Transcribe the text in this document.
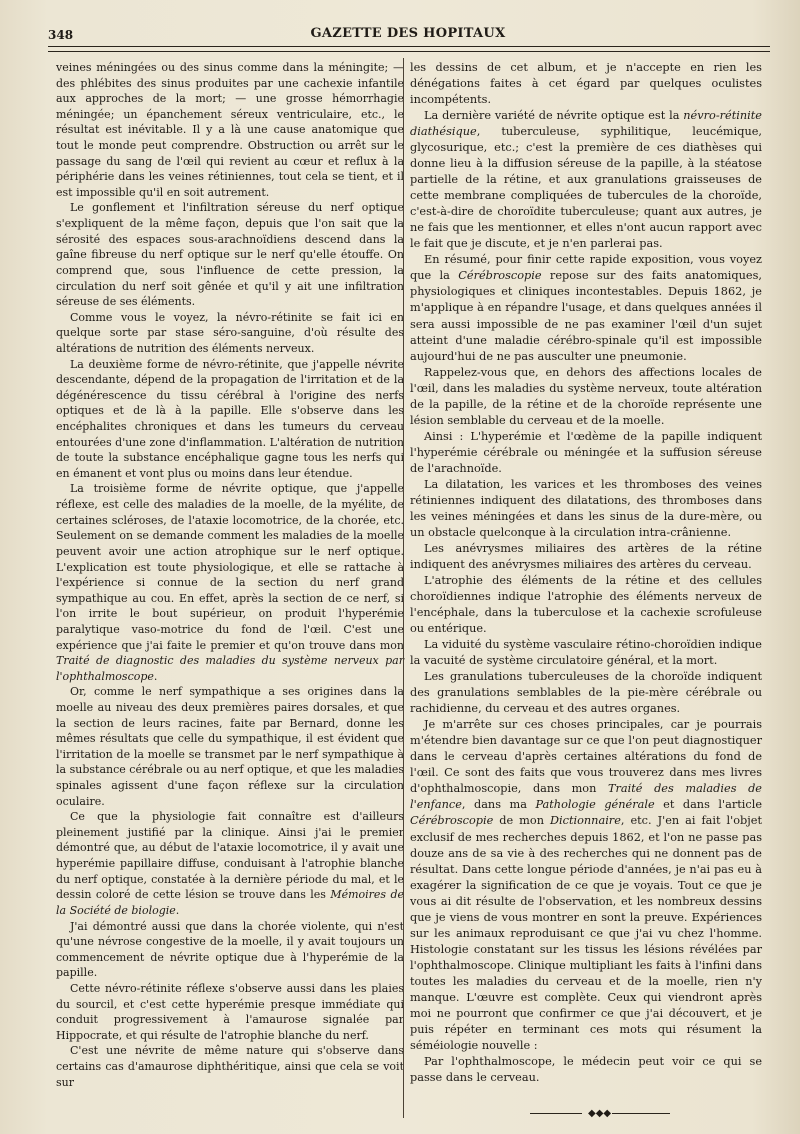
348	GAZETTE DES HOPITAUX

veines méningées ou des sinus comme dans la méningite; — des phlébites des sinus produites par une cachexie infantile aux approches de la mort; — une grosse hémorrhagie méningée; un épanchement séreux ventriculaire, etc., le résultat est inévitable. Il y a là une cause anatomique que tout le monde peut comprendre. Obstruction ou arrêt sur le passage du sang de l'œil qui revient au cœur et reflux à la périphérie dans les veines rétiniennes, tout cela se tient, et il est impossible qu'il en soit autrement.

Le gonflement et l'infiltration séreuse du nerf optique s'expliquent de la même façon, depuis que l'on sait que la sérosité des espaces sous-arachnoïdiens descend dans la gaîne fibreuse du nerf optique sur le nerf qu'elle étouffe. On comprend que, sous l'influence de cette pression, la circulation du nerf soit gênée et qu'il y ait une infiltration séreuse de ses éléments.

Comme vous le voyez, la névro-rétinite se fait ici en quelque sorte par stase séro-sanguine, d'où résulte des altérations de nutrition des éléments nerveux.

La deuxième forme de névro-rétinite, que j'appelle névrite descendante, dépend de la propagation de l'irritation et de la dégénérescence du tissu cérébral à l'origine des nerfs optiques et de là à la papille. Elle s'observe dans les encéphalites chroniques et dans les tumeurs du cerveau entourées d'une zone d'inflammation. L'altération de nutrition de toute la substance encéphalique gagne tous les nerfs qui en émanent et vont plus ou moins dans leur étendue.

La troisième forme de névrite optique, que j'appelle réflexe, est celle des maladies de la moelle, de la myélite, de certaines scléroses, de l'ataxie locomotrice, de la chorée, etc. Seulement on se demande comment les maladies de la moelle peuvent avoir une action atrophique sur le nerf optique. L'explication est toute physiologique, et elle se rattache à l'expérience si connue de la section du nerf grand sympathique au cou. En effet, après la section de ce nerf, si l'on irrite le bout supérieur, on produit l'hyperémie paralytique vaso-motrice du fond de l'œil. C'est une expérience que j'ai faite le premier et qu'on trouve dans mon Traité de diagnostic des maladies du système nerveux par l'ophthalmoscope.

Or, comme le nerf sympathique a ses origines dans la moelle au niveau des deux premières paires dorsales, et que la section de leurs racines, faite par Bernard, donne les mêmes résultats que celle du sympathique, il est évident que l'irritation de la moelle se transmet par le nerf sympathique à la substance cérébrale ou au nerf optique, et que les maladies spinales agissent d'une façon réflexe sur la circulation oculaire.

Ce que la physiologie fait connaître est d'ailleurs pleinement justifié par la clinique. Ainsi j'ai le premier démontré que, au début de l'ataxie locomotrice, il y avait une hyperémie papillaire diffuse, conduisant à l'atrophie blanche du nerf optique, constatée à la dernière période du mal, et le dessin coloré de cette lésion se trouve dans les Mémoires de la Société de biologie.

J'ai démontré aussi que dans la chorée violente, qui n'est qu'une névrose congestive de la moelle, il y avait toujours un commencement de névrite optique due à l'hyperémie de la papille.

Cette névro-rétinite réflexe s'observe aussi dans les plaies du sourcil, et c'est cette hyperémie presque immédiate qui conduit progressivement à l'amaurose signalée par Hippocrate, et qui résulte de l'atrophie blanche du nerf.

C'est une névrite de même nature qui s'observe dans certains cas d'amaurose diphthéritique, ainsi que cela se voit sur

les dessins de cet album, et je n'accepte en rien les dénégations faites à cet égard par quelques oculistes incompétents.

La dernière variété de névrite optique est la névro-rétinite diathésique, tuberculeuse, syphilitique, leucémique, glycosurique, etc.; c'est la première de ces diathèses qui donne lieu à la diffusion séreuse de la papille, à la stéatose partielle de la rétine, et aux granulations graisseuses de cette membrane compliquées de tubercules de la choroïde, c'est-à-dire de choroïdite tuberculeuse; quant aux autres, je ne fais que les mentionner, et elles n'ont aucun rapport avec le fait que je discute, et je n'en parlerai pas.

En résumé, pour finir cette rapide exposition, vous voyez que la Cérébroscopie repose sur des faits anatomiques, physiologiques et cliniques incontestables. Depuis 1862, je m'applique à en répandre l'usage, et dans quelques années il sera aussi impossible de ne pas examiner l'œil d'un sujet atteint d'une maladie cérébro-spinale qu'il est impossible aujourd'hui de ne pas ausculter une pneumonie.

Rappelez-vous que, en dehors des affections locales de l'œil, dans les maladies du système nerveux, toute altération de la papille, de la rétine et de la choroïde représente une lésion semblable du cerveau et de la moelle.

Ainsi : L'hyperémie et l'œdème de la papille indiquent l'hyperémie cérébrale ou méningée et la suffusion séreuse de l'arachnoïde.

La dilatation, les varices et les thromboses des veines rétiniennes indiquent des dilatations, des thromboses dans les veines méningées et dans les sinus de la dure-mère, ou un obstacle quelconque à la circulation intra-crânienne.

Les anévrysmes miliaires des artères de la rétine indiquent des anévrysmes miliaires des artères du cerveau.

L'atrophie des éléments de la rétine et des cellules choroïdiennes indique l'atrophie des éléments nerveux de l'encéphale, dans la tuberculose et la cachexie scrofuleuse ou entérique.

La viduité du système vasculaire rétino-choroïdien indique la vacuité de système circulatoire général, et la mort.

Les granulations tuberculeuses de la choroïde indiquent des granulations semblables de la pie-mère cérébrale ou rachidienne, du cerveau et des autres organes.

Je m'arrête sur ces choses principales, car je pourrais m'étendre bien davantage sur ce que l'on peut diagnostiquer dans le cerveau d'après certaines altérations du fond de l'œil. Ce sont des faits que vous trouverez dans mes livres d'ophthalmoscopie, dans mon Traité des maladies de l'enfance, dans ma Pathologie générale et dans l'article Cérébroscopie de mon Dictionnaire, etc. J'en ai fait l'objet exclusif de mes recherches depuis 1862, et l'on ne passe pas douze ans de sa vie à des recherches qui ne donnent pas de résultat. Dans cette longue période d'années, je n'ai pas eu à exagérer la signification de ce que je voyais. Tout ce que je vous ai dit résulte de l'observation, et les nombreux dessins que je viens de vous montrer en sont la preuve. Expériences sur les animaux reproduisant ce que j'ai vu chez l'homme. Histologie constatant sur les tissus les lésions révélées par l'ophthalmoscope. Clinique multipliant les faits à l'infini dans toutes les maladies du cerveau et de la moelle, rien n'y manque. L'œuvre est complète. Ceux qui viendront après moi ne pourront que confirmer ce que j'ai découvert, et je puis répéter en terminant ces mots qui résument la séméiologie nouvelle :

Par l'ophthalmoscope, le médecin peut voir ce qui se passe dans le cerveau.

◆◆◆
